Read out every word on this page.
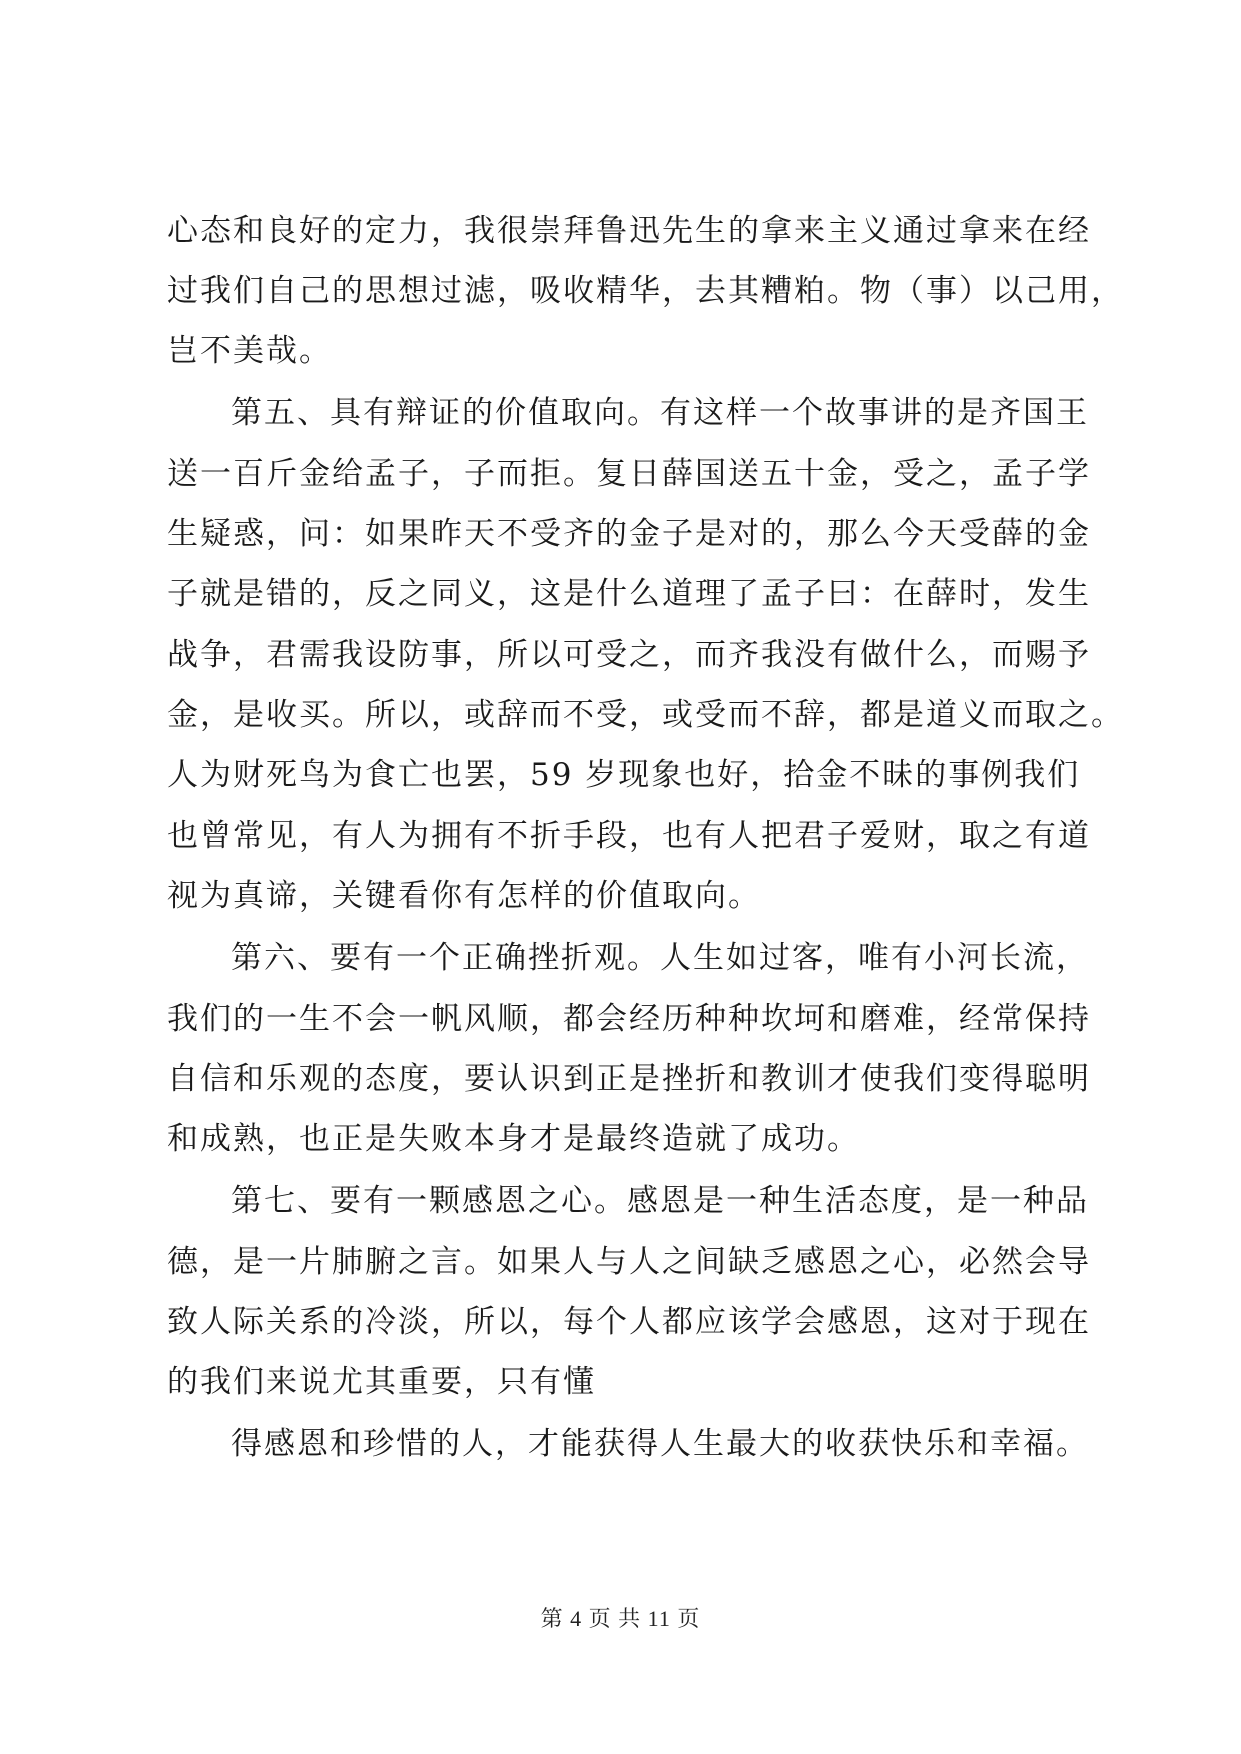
心态和良好的定力，我很崇拜鲁迅先生的拿来主义通过拿来在经
过我们自己的思想过滤，吸收精华，去其糟粕。物（事）以己用，
岂不美哉。
第五、具有辩证的价值取向。有这样一个故事讲的是齐国王
送一百斤金给孟子，子而拒。复日薛国送五十金，受之，孟子学
生疑惑，问：如果昨天不受齐的金子是对的，那么今天受薛的金
子就是错的，反之同义，这是什么道理了孟子曰：在薛时，发生
战争，君需我设防事，所以可受之，而齐我没有做什么，而赐予
金，是收买。所以，或辞而不受，或受而不辞，都是道义而取之。
人为财死鸟为食亡也罢，59 岁现象也好，拾金不昧的事例我们
也曾常见，有人为拥有不折手段，也有人把君子爱财，取之有道
视为真谛，关键看你有怎样的价值取向。
第六、要有一个正确挫折观。人生如过客，唯有小河长流，
我们的一生不会一帆风顺，都会经历种种坎坷和磨难，经常保持
自信和乐观的态度，要认识到正是挫折和教训才使我们变得聪明
和成熟，也正是失败本身才是最终造就了成功。
第七、要有一颗感恩之心。感恩是一种生活态度，是一种品
德，是一片肺腑之言。如果人与人之间缺乏感恩之心，必然会导
致人际关系的冷淡，所以，每个人都应该学会感恩，这对于现在
的我们来说尤其重要，只有懂
得感恩和珍惜的人，才能获得人生最大的收获快乐和幸福。
第 4 页 共 11 页
